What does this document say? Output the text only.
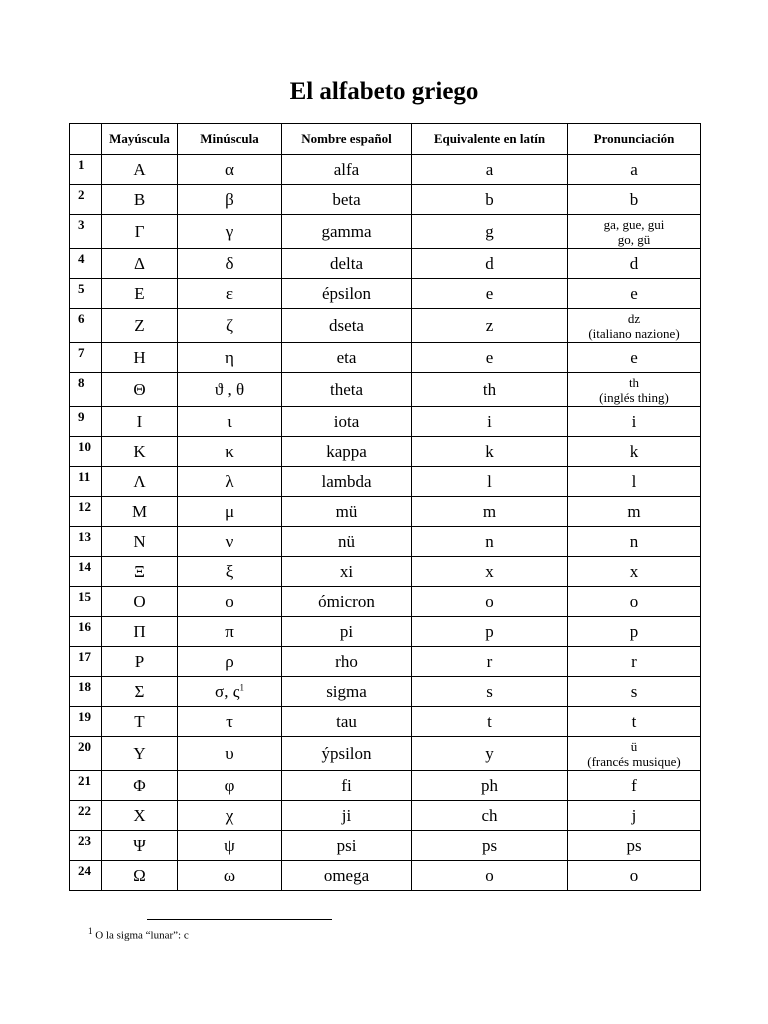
El alfabeto griego
	Mayúscula	Minúscula	Nombre español	Equivalente en latín	Pronunciación
1	Α	α	alfa	a	a
2	Β	β	beta	b	b
3	Γ	γ	gamma	g	ga, gue, gui
go, gü

4	Δ	δ	delta	d	d
5	Ε	ε	épsilon	e	e
6	Ζ	ζ	dseta	z	dz
(italiano nazione)

7	Η	η	eta	e	e
8	Θ	ϑ , θ	theta	th	th
(inglés thing)

9	Ι	ι	iota	i	i
10	Κ	κ	kappa	k	k
11	Λ	λ	lambda	l	l
12	Μ	μ	mü	m	m
13	Ν	ν	nü	n	n
14	Ξ	ξ	xi	x	x
15	Ο	ο	ómicron	o	o
16	Π	π	pi	p	p
17	Ρ	ρ	rho	r	r
18	Σ	σ, $\varsigma^1$	sigma	s	s
19	Τ	τ	tau	t	t
20	Υ	υ	ýpsilon	y	ü
(francés musique)

21	Φ	φ	fi	ph	f
22	Χ	χ	ji	ch	j
23	Ψ	ψ	psi	ps	ps
24	Ω	ω	omega	o	o
$^1$ O la sigma “lunar”: c
